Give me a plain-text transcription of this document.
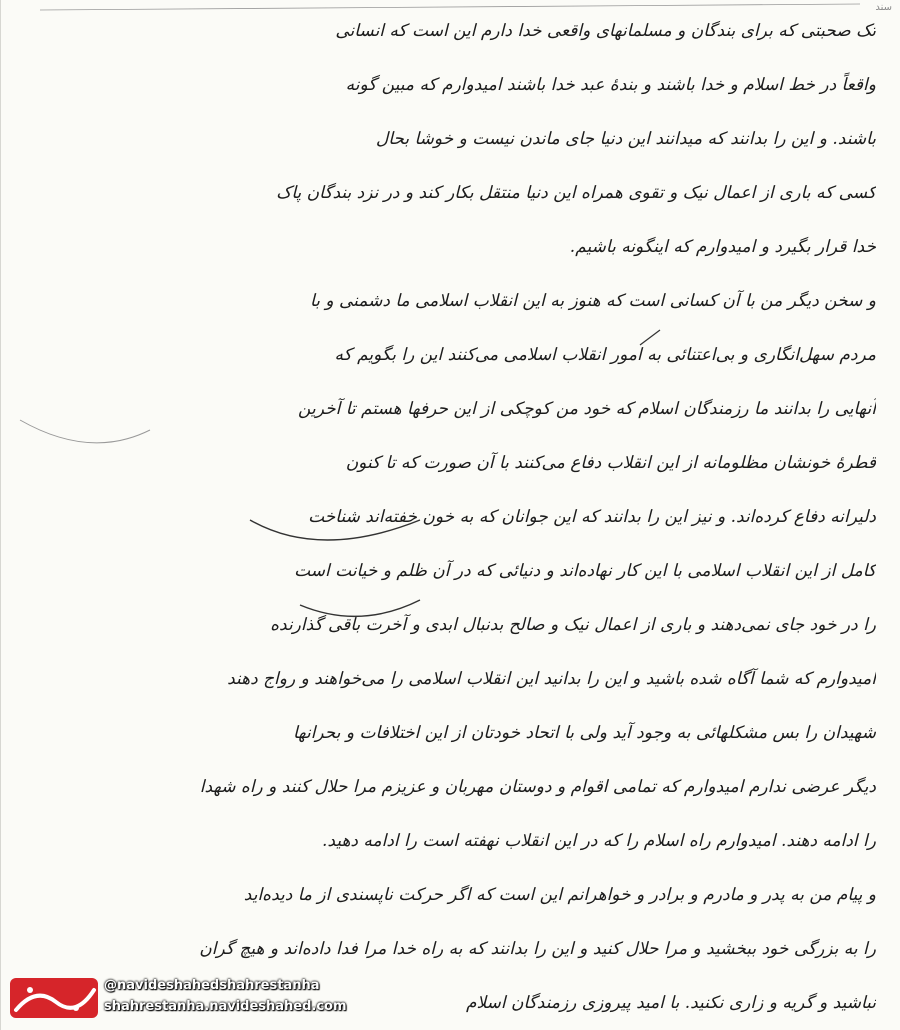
سند
تک صحبتی که برای بندگان و مسلمانهای واقعی خدا دارم این است که انسانی
واقعاً در خط اسلام و خدا باشند و بندهٔ عبد خدا باشند امیدوارم که مبین گونه
باشند. و این را بدانند که میدانند این دنیا جای ماندن نیست و خوشا بحال
کسی که باری از اعمال نیک و تقوی همراه این دنیا منتقل بکار کند و در نزد بندگان پاک
خدا قرار بگیرد و امیدوارم که اینگونه باشیم.
و سخن دیگر من با آن کسانی است که هنوز به این انقلاب اسلامی ما دشمنی و با
مردم سهل‌انگاری و بی‌اعتنائی به امور انقلاب اسلامی می‌کنند این را بگویم که
آنهایی را بدانند ما رزمندگان اسلام که خود من کوچکی از این حرفها هستم تا آخرین
قطرهٔ خونشان مظلومانه از این انقلاب دفاع می‌کنند با آن صورت که تا کنون
دلیرانه دفاع کرده‌اند. و نیز این را بدانند که این جوانان که به خون خفته‌اند شناخت
کامل از این انقلاب اسلامی با این کار نهاده‌اند و دنیائی که در آن ظلم و خیانت است
را در خود جای نمی‌دهند و باری از اعمال نیک و صالح بدنبال ابدی و آخرت باقی گذارنده
امیدوارم که شما آگاه شده باشید و این را بدانید این انقلاب اسلامی را می‌خواهند و رواج دهند
شهیدان را بس مشکلهائی به وجود آید ولی با اتحاد خودتان از این اختلافات و بحرانها
دیگر عرضی ندارم امیدوارم که تمامی اقوام و دوستان مهربان و عزیزم مرا حلال کنند و راه شهدا
را ادامه دهند. امیدوارم راه اسلام را که در این انقلاب نهفته است را ادامه دهید.
و پیام من به پدر و مادرم و برادر و خواهرانم این است که اگر حرکت ناپسندی از ما دیده‌اید
را به بزرگی خود ببخشید و مرا حلال کنید و این را بدانند که به راه خدا مرا فدا داده‌اند و هیچ گران
نباشید و گریه و زاری نکنید. با امید پیروزی رزمندگان اسلام
@navideshahedshahrestanha
shahrestanha.navideshahed.com
